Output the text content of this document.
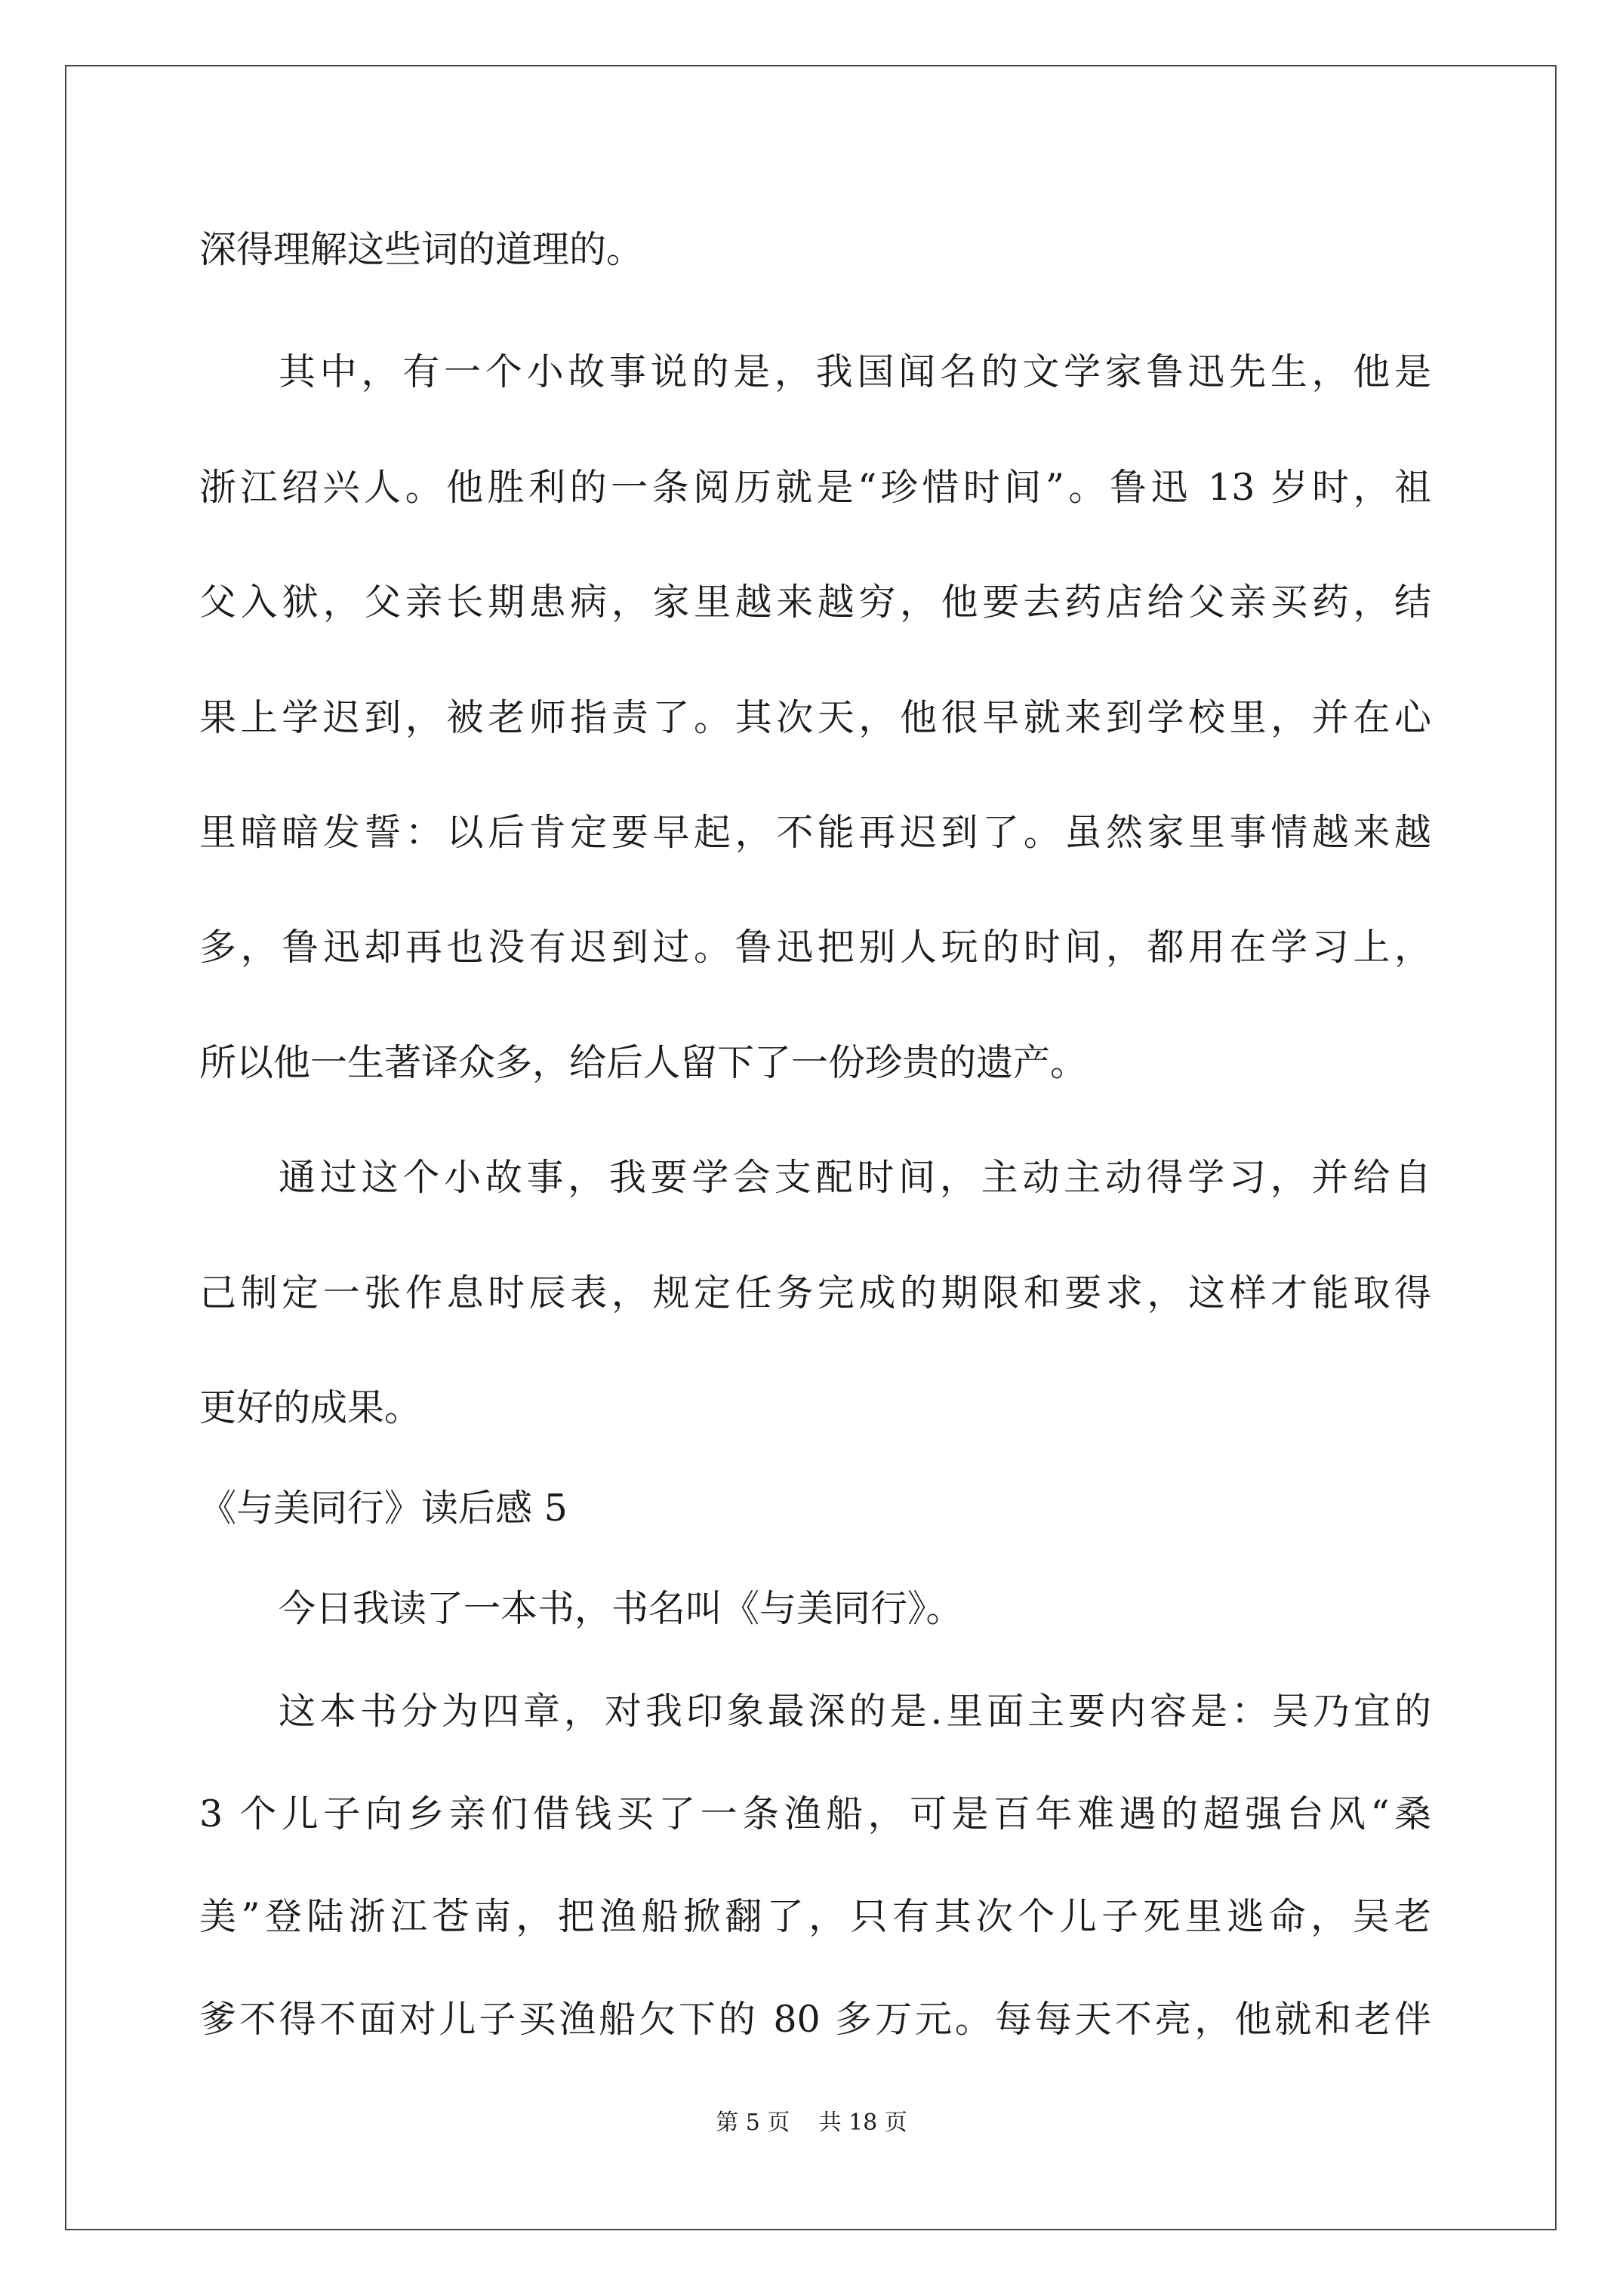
深得理解这些词的道理的。
其中，有一个小故事说的是，我国闻名的文学家鲁迅先生，他是
浙江绍兴人。他胜利的一条阅历就是“珍惜时间”。鲁迅 13 岁时，祖
父入狱，父亲长期患病，家里越来越穷，他要去药店给父亲买药，结
果上学迟到，被老师指责了。其次天，他很早就来到学校里，并在心
里暗暗发誓：以后肯定要早起，不能再迟到了。虽然家里事情越来越
多，鲁迅却再也没有迟到过。鲁迅把别人玩的时间，都用在学习上，
所以他一生著译众多，给后人留下了一份珍贵的遗产。
通过这个小故事，我要学会支配时间，主动主动得学习，并给自
己制定一张作息时辰表，规定任务完成的期限和要求，这样才能取得
更好的成果。
《与美同行》读后感 5
今日我读了一本书，书名叫《与美同行》。
这本书分为四章，对我印象最深的是.里面主要内容是：吴乃宜的
3 个儿子向乡亲们借钱买了一条渔船，可是百年难遇的超强台风“桑
美”登陆浙江苍南，把渔船掀翻了，只有其次个儿子死里逃命，吴老
爹不得不面对儿子买渔船欠下的 80 多万元。每每天不亮，他就和老伴
第 5 页 共 18 页
